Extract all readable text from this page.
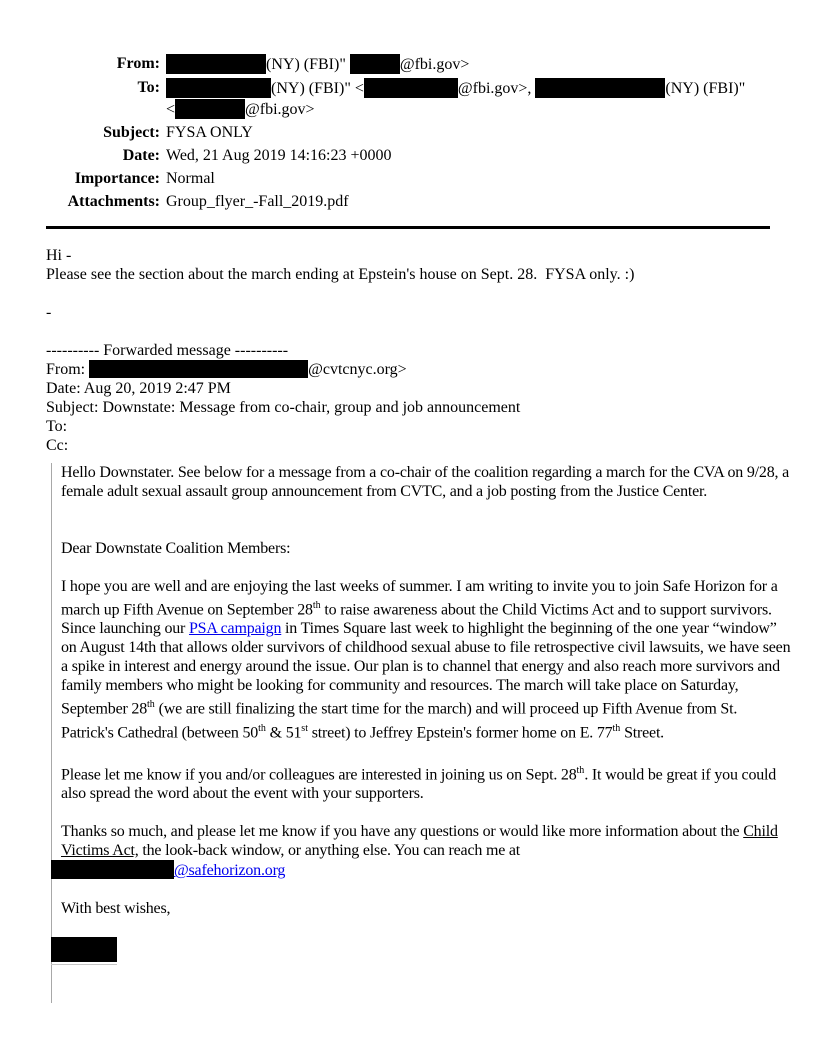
From:	(NY) (FBI)"	@fbi.gov>
To:	(NY) (FBI)" <	@fbi.gov>,	(NY) (FBI)"
<	@fbi.gov>
Subject: FYSA ONLY
Date: Wed, 21 Aug 2019 14:16:23 +0000
Importance: Normal
Attachments: Group_flyer_-Fall_2019.pdf
Hi -
Please see the section about the march ending at Epstein's house on Sept. 28.  FYSA only. :)

-

---------- Forwarded message ----------
From:	@cvtcnyc.org>
Date: Aug 20, 2019 2:47 PM
Subject: Downstate: Message from co-chair, group and job announcement
To:
Cc:
Hello Downstater. See below for a message from a co-chair of the coalition regarding a march for the CVA on 9/28, a female adult sexual assault group announcement from CVTC, and a job posting from the Justice Center.

Dear Downstate Coalition Members:

I hope you are well and are enjoying the last weeks of summer. I am writing to invite you to join Safe Horizon for a march up Fifth Avenue on September 28th to raise awareness about the Child Victims Act and to support survivors. Since launching our PSA campaign in Times Square last week to highlight the beginning of the one year “window” on August 14th that allows older survivors of childhood sexual abuse to file retrospective civil lawsuits, we have seen a spike in interest and energy around the issue. Our plan is to channel that energy and also reach more survivors and family members who might be looking for community and resources. The march will take place on Saturday, September 28th (we are still finalizing the start time for the march) and will proceed up Fifth Avenue from St. Patrick's Cathedral (between 50th & 51st street) to Jeffrey Epstein's former home on E. 77th Street.

Please let me know if you and/or colleagues are interested in joining us on Sept. 28th. It would be great if you could also spread the word about the event with your supporters.

Thanks so much, and please let me know if you have any questions or would like more information about the Child Victims Act, the look-back window, or anything else. You can reach me at
@safehorizon.org

With best wishes,
